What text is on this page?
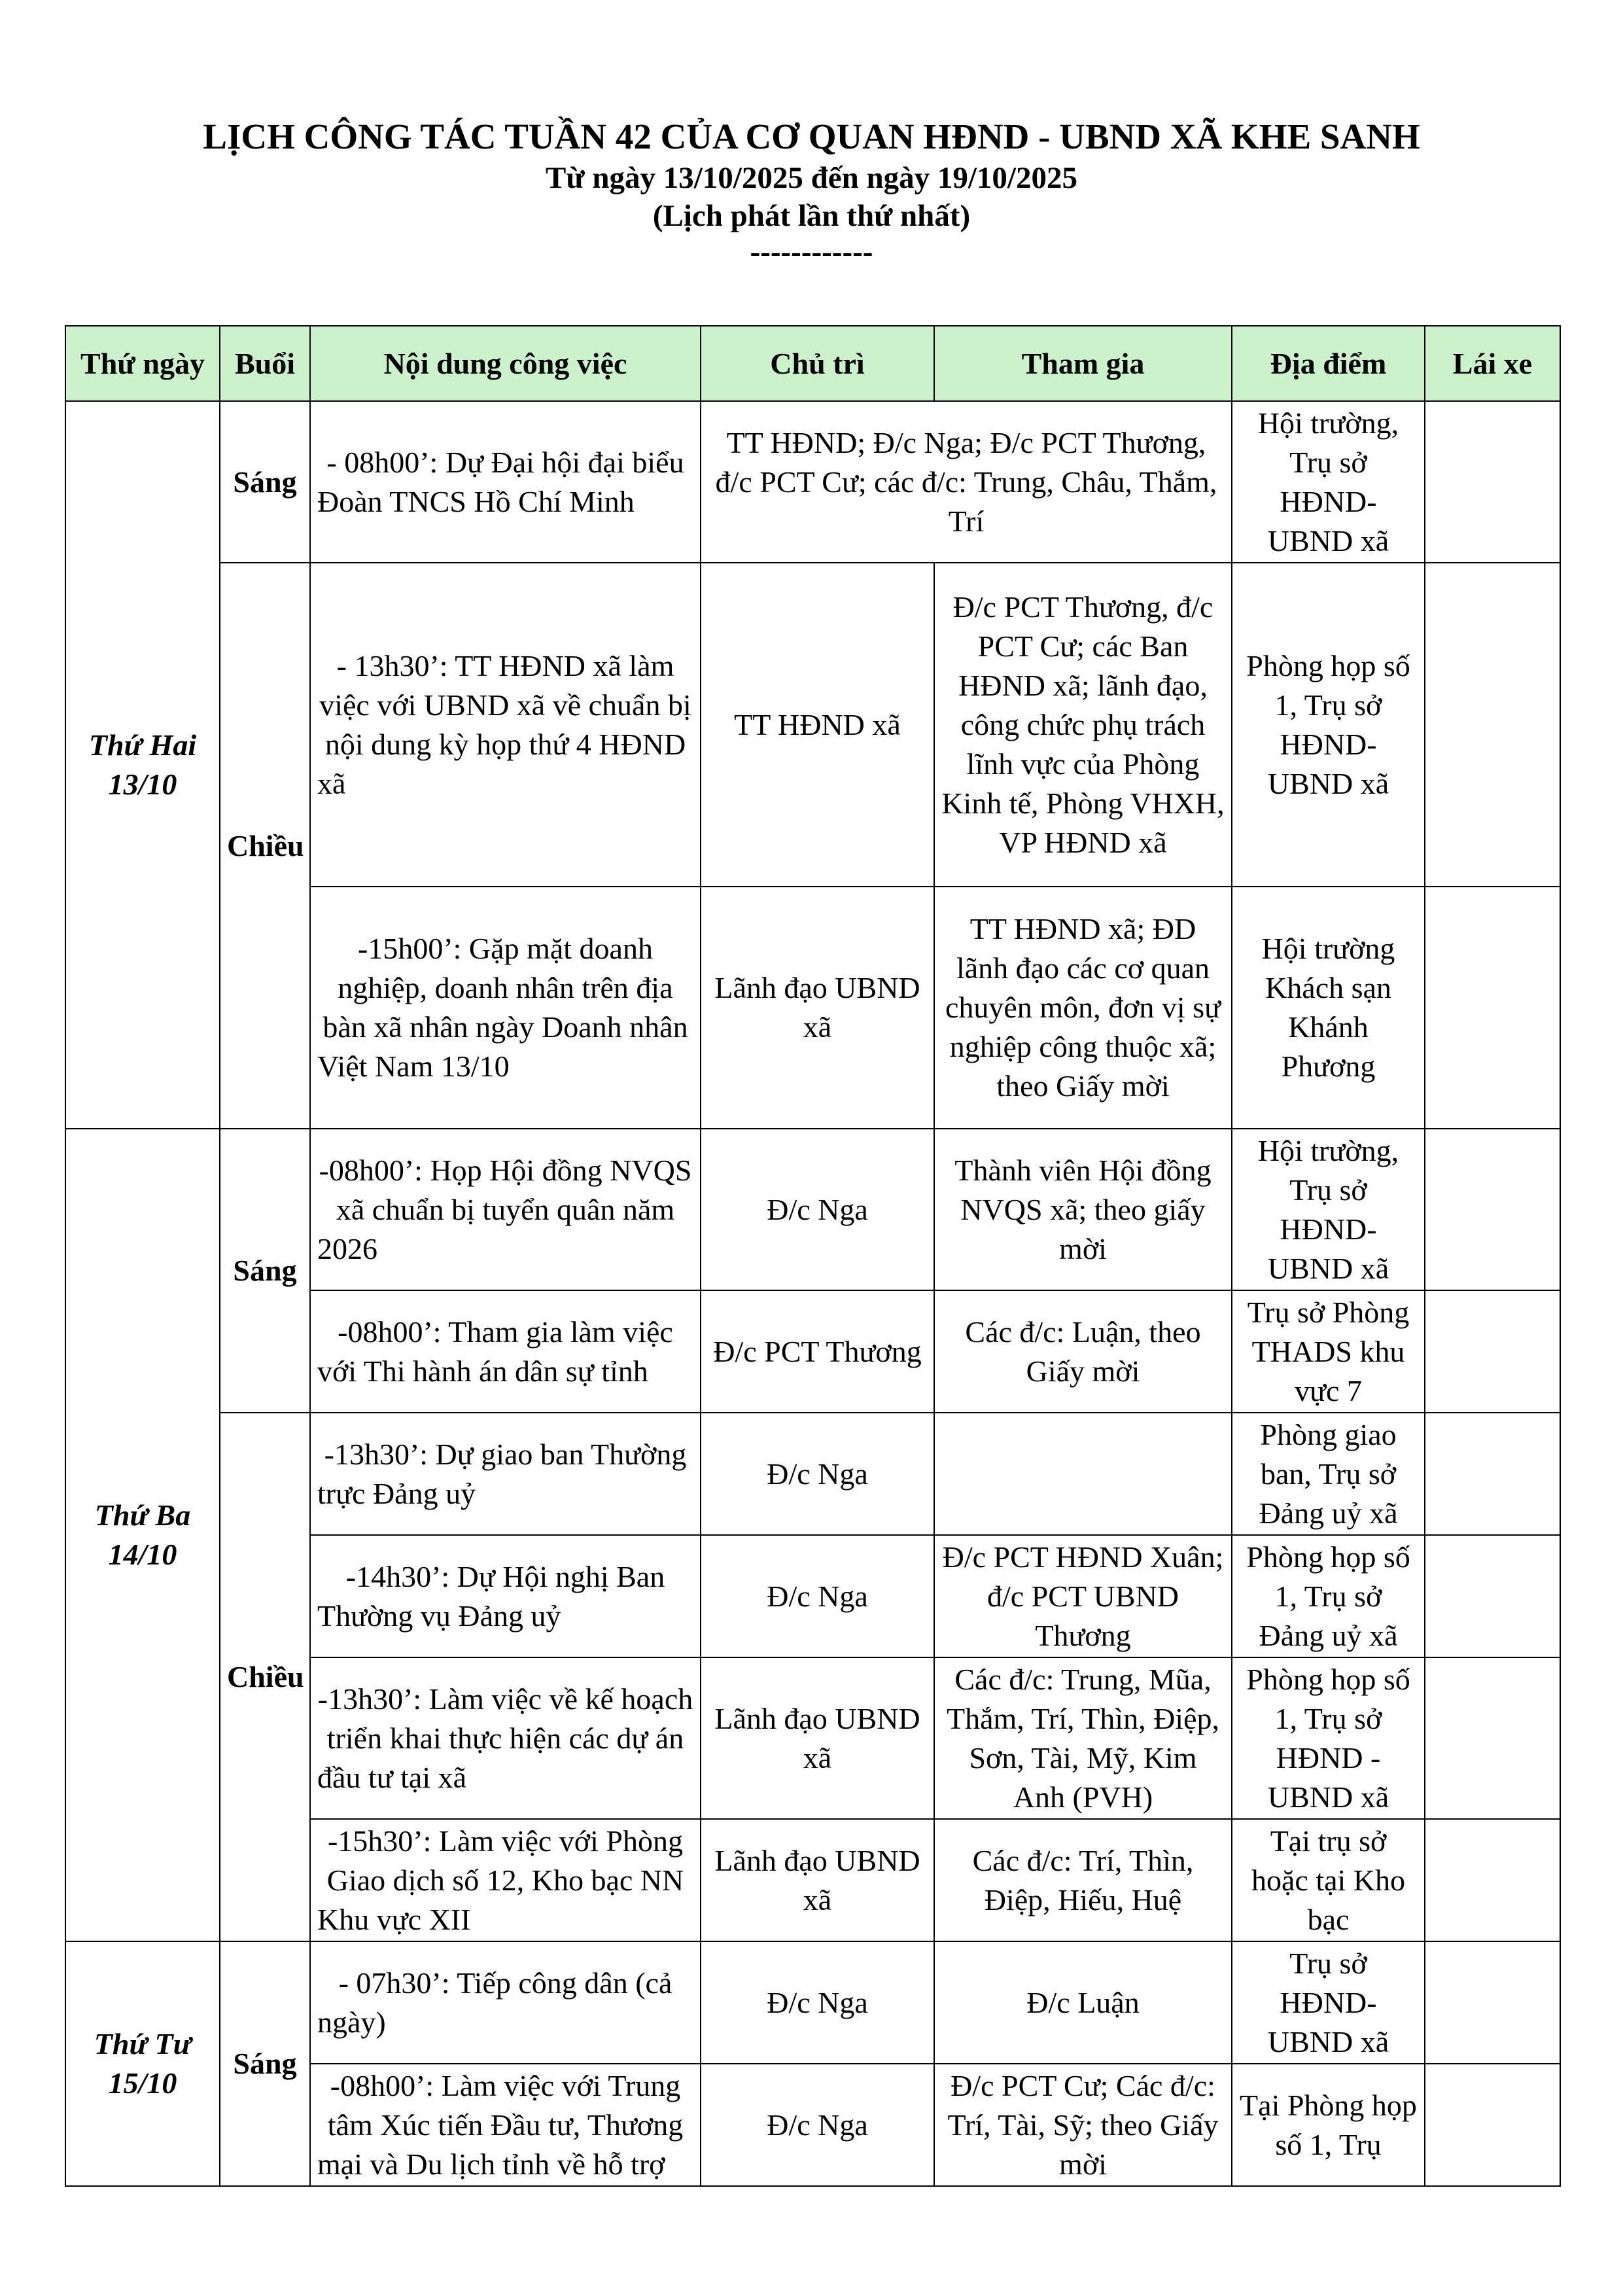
LỊCH CÔNG TÁC TUẦN 42 CỦA CƠ QUAN HĐND - UBND XÃ KHE SANH
Từ ngày 13/10/2025 đến ngày 19/10/2025
(Lịch phát lần thứ nhất)
------------
Thứ ngày	Buổi	Nội dung công việc	Chủ trì	Tham gia	Địa điểm	Lái xe
Thứ Hai 13/10	Sáng	- 08h00’: Dự Đại hội đại biểu Đoàn TNCS Hồ Chí Minh	TT HĐND; Đ/c Nga; Đ/c PCT Thương, đ/c PCT Cư; các đ/c: Trung, Châu, Thắm, Trí		Hội trường, Trụ sở HĐND-UBND xã	
	Chiều	- 13h30’: TT HĐND xã làm việc với UBND xã về chuẩn bị nội dung kỳ họp thứ 4 HĐND xã	TT HĐND xã	Đ/c PCT Thương, đ/c PCT Cư; các Ban HĐND xã; lãnh đạo, công chức phụ trách lĩnh vực của Phòng Kinh tế, Phòng VHXH, VP HĐND xã	Phòng họp số 1, Trụ sở HĐND-UBND xã	
		-15h00’: Gặp mặt doanh nghiệp, doanh nhân trên địa bàn xã nhân ngày Doanh nhân Việt Nam 13/10	Lãnh đạo UBND xã	TT HĐND xã; ĐD lãnh đạo các cơ quan chuyên môn, đơn vị sự nghiệp công thuộc xã; theo Giấy mời	Hội trường Khách sạn Khánh Phương	
Thứ Ba 14/10	Sáng	-08h00’: Họp Hội đồng NVQS xã chuẩn bị tuyển quân năm 2026	Đ/c Nga	Thành viên Hội đồng NVQS xã; theo giấy mời	Hội trường, Trụ sở HĐND-UBND xã	
		-08h00’: Tham gia làm việc với Thi hành án dân sự tỉnh	Đ/c PCT Thương	Các đ/c: Luận, theo Giấy mời	Trụ sở Phòng THADS khu vực 7	
	Chiều	-13h30’: Dự giao ban Thường trực Đảng uỷ	Đ/c Nga		Phòng giao ban, Trụ sở Đảng uỷ xã	
		-14h30’: Dự Hội nghị Ban Thường vụ Đảng uỷ	Đ/c Nga	Đ/c PCT HĐND Xuân; đ/c PCT UBND Thương	Phòng họp số 1, Trụ sở Đảng uỷ xã	
		-13h30’: Làm việc về kế hoạch triển khai thực hiện các dự án đầu tư tại xã	Lãnh đạo UBND xã	Các đ/c: Trung, Mũa, Thắm, Trí, Thìn, Điệp, Sơn, Tài, Mỹ, Kim Anh (PVH)	Phòng họp số 1, Trụ sở HĐND - UBND xã	
		-15h30’: Làm việc với Phòng Giao dịch số 12, Kho bạc NN Khu vực XII	Lãnh đạo UBND xã	Các đ/c: Trí, Thìn, Điệp, Hiếu, Huệ	Tại trụ sở hoặc tại Kho bạc	
Thứ Tư 15/10	Sáng	- 07h30’: Tiếp công dân (cả ngày)	Đ/c Nga	Đ/c Luận	Trụ sở HĐND-UBND xã	
		-08h00’: Làm việc với Trung tâm Xúc tiến Đầu tư, Thương mại và Du lịch tỉnh về hỗ trợ	Đ/c Nga	Đ/c PCT Cư; Các đ/c: Trí, Tài, Sỹ; theo Giấy mời	Tại Phòng họp số 1, Trụ	
